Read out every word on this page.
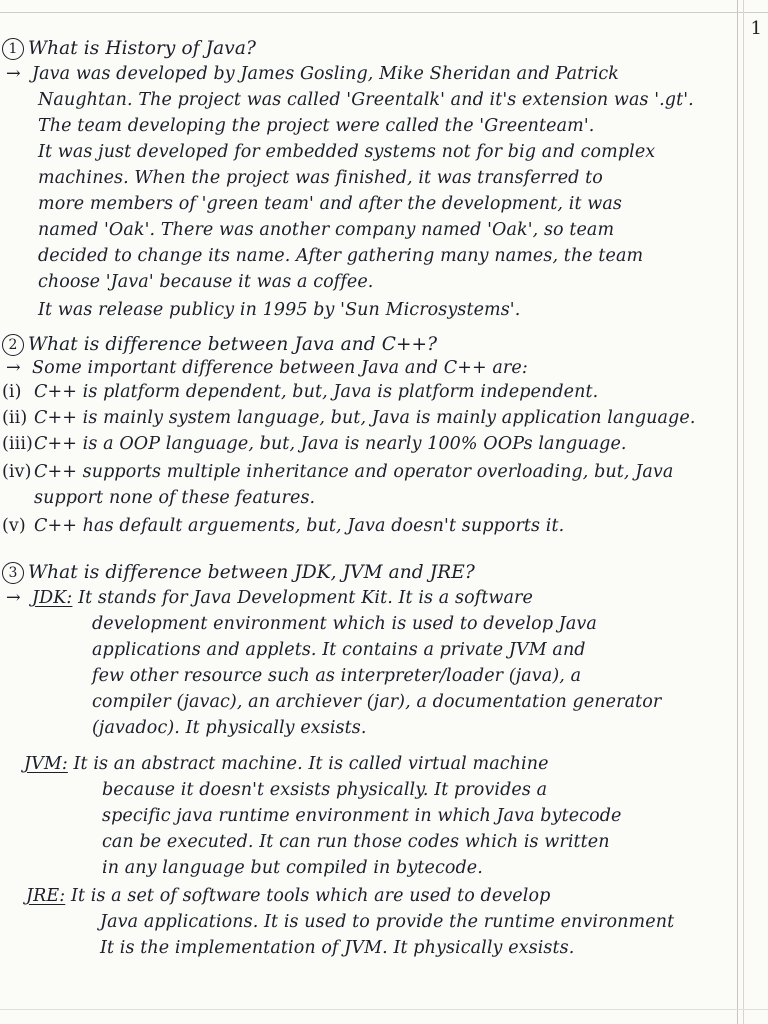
1
1 What is History of Java?
→ Java was developed by James Gosling, Mike Sheridan and Patrick
Naughtan. The project was called 'Greentalk' and it's extension was '.gt'.
The team developing the project were called the 'Greenteam'.
It was just developed for embedded systems not for big and complex
machines. When the project was finished, it was transferred to
more members of 'green team' and after the development, it was
named 'Oak'. There was another company named 'Oak', so team
decided to change its name. After gathering many names, the team
choose 'Java' because it was a coffee.
It was release publicy in 1995 by 'Sun Microsystems'.
2 What is difference between Java and C++?
→ Some important difference between Java and C++ are:
(i) C++ is platform dependent, but, Java is platform independent.
(ii) C++ is mainly system language, but, Java is mainly application language.
(iii)C++ is a OOP language, but, Java is nearly 100% OOPs language.
(iv) C++ supports multiple inheritance and operator overloading, but, Java
support none of these features.
(v) C++ has default arguements, but, Java doesn't supports it.
3 What is difference between JDK, JVM and JRE?
→ JDK: It stands for Java Development Kit. It is a software
development environment which is used to develop Java
applications and applets. It contains a private JVM and
few other resource such as interpreter/loader (java), a
compiler (javac), an archiever (jar), a documentation generator
(javadoc). It physically exsists.
JVM: It is an abstract machine. It is called virtual machine
because it doesn't exsists physically. It provides a
specific java runtime environment in which Java bytecode
can be executed. It can run those codes which is written
in any language but compiled in bytecode.
JRE: It is a set of software tools which are used to develop
Java applications. It is used to provide the runtime environment
It is the implementation of JVM. It physically exsists.
